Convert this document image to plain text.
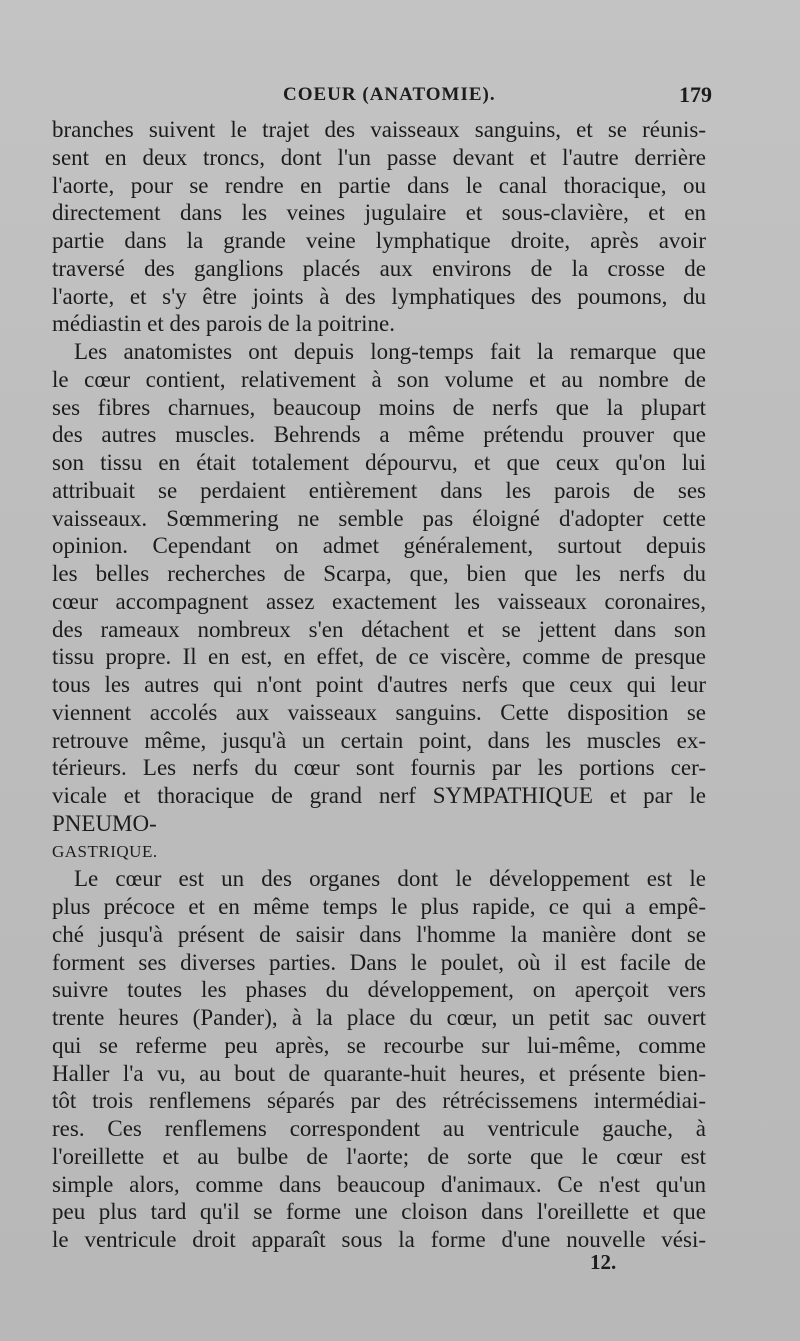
COEUR (ANATOMIE).	179

branches suivent le trajet des vaisseaux sanguins, et se réunis-
sent en deux troncs, dont l'un passe devant et l'autre derrière
l'aorte, pour se rendre en partie dans le canal thoracique, ou
directement dans les veines jugulaire et sous-clavière, et en
partie dans la grande veine lymphatique droite, après avoir
traversé des ganglions placés aux environs de la crosse de
l'aorte, et s'y être joints à des lymphatiques des poumons, du
médiastin et des parois de la poitrine.

Les anatomistes ont depuis long-temps fait la remarque que
le cœur contient, relativement à son volume et au nombre de
ses fibres charnues, beaucoup moins de nerfs que la plupart
des autres muscles. Behrends a même prétendu prouver que
son tissu en était totalement dépourvu, et que ceux qu'on lui
attribuait se perdaient entièrement dans les parois de ses
vaisseaux. Sœmmering ne semble pas éloigné d'adopter cette
opinion. Cependant on admet généralement, surtout depuis
les belles recherches de Scarpa, que, bien que les nerfs du
cœur accompagnent assez exactement les vaisseaux coronaires,
des rameaux nombreux s'en détachent et se jettent dans son
tissu propre. Il en est, en effet, de ce viscère, comme de presque
tous les autres qui n'ont point d'autres nerfs que ceux qui leur
viennent accolés aux vaisseaux sanguins. Cette disposition se
retrouve même, jusqu'à un certain point, dans les muscles ex-
térieurs. Les nerfs du cœur sont fournis par les portions cer-
vicale et thoracique de grand nerf SYMPATHIQUE et par le PNEUMO-
GASTRIQUE.

Le cœur est un des organes dont le développement est le
plus précoce et en même temps le plus rapide, ce qui a empê-
ché jusqu'à présent de saisir dans l'homme la manière dont se
forment ses diverses parties. Dans le poulet, où il est facile de
suivre toutes les phases du développement, on aperçoit vers
trente heures (Pander), à la place du cœur, un petit sac ouvert
qui se referme peu après, se recourbe sur lui-même, comme
Haller l'a vu, au bout de quarante-huit heures, et présente bien-
tôt trois renflemens séparés par des rétrécissemens intermédiai-
res. Ces renflemens correspondent au ventricule gauche, à
l'oreillette et au bulbe de l'aorte; de sorte que le cœur est
simple alors, comme dans beaucoup d'animaux. Ce n'est qu'un
peu plus tard qu'il se forme une cloison dans l'oreillette et que
le ventricule droit apparaît sous la forme d'une nouvelle vési-

12.
